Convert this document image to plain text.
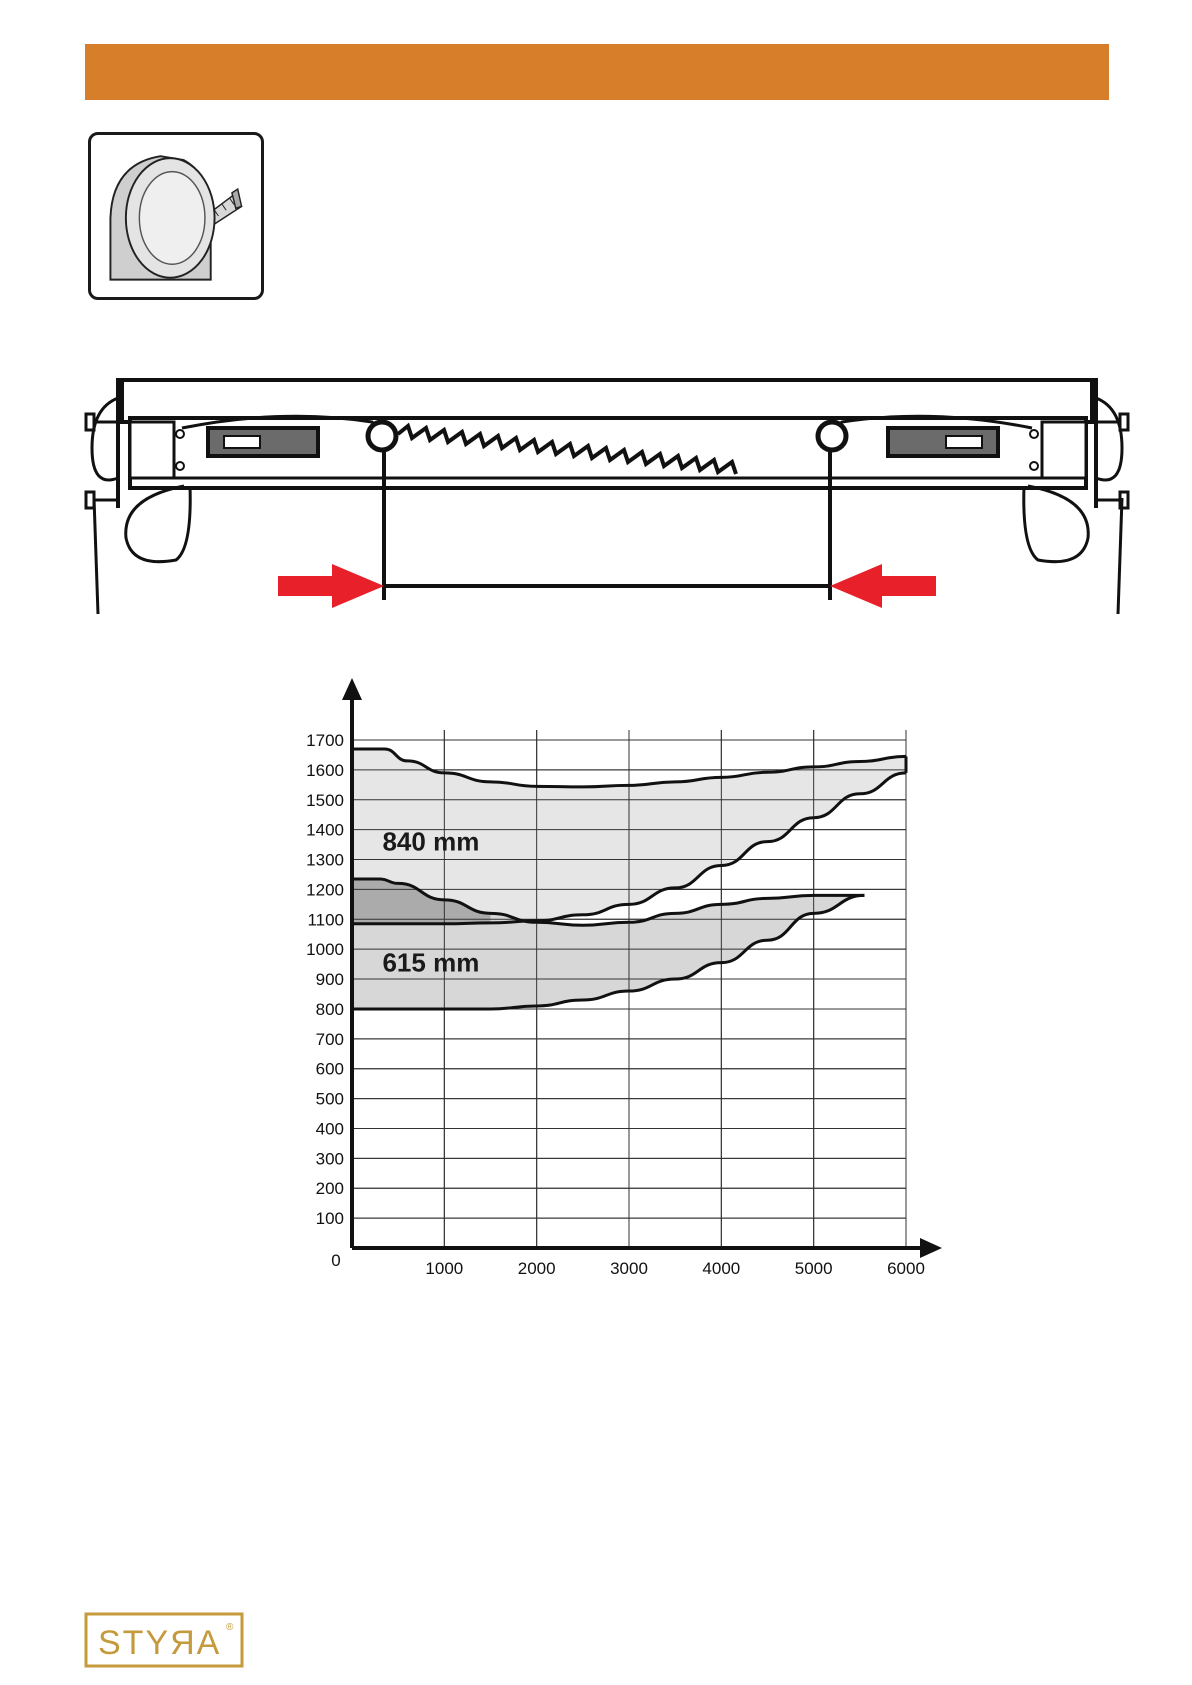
100
200
300
400
500
600
700
800
900
1000
1100
1200
1300
1400
1500
1600
1700
1000	2000	3000	4000	5000	6000
0
840 mm
615 mm
STYЯA ®
